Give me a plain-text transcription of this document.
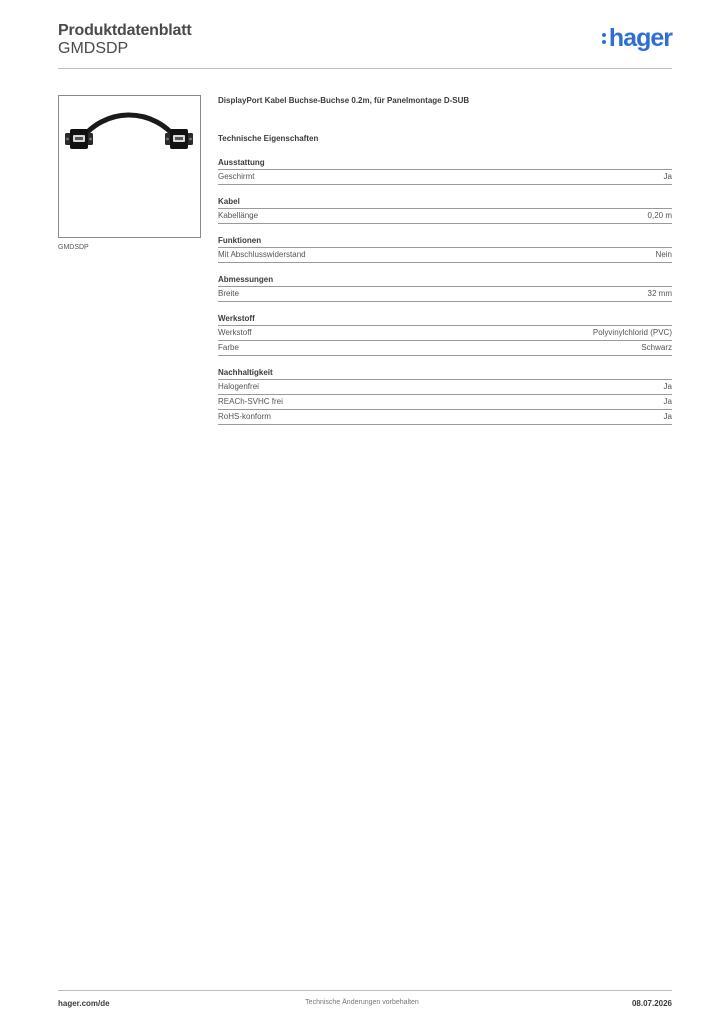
Produktdatenblatt
GMDSDP	hager
GMDSDP
DisplayPort Kabel Buchse-Buchse 0.2m, für Panelmontage D-SUB
Technische Eigenschaften
Ausstattung
Geschirmt	Ja
Kabel
Kabellänge	0,20 m
Funktionen
Mit Abschlusswiderstand	Nein
Abmessungen
Breite	32 mm
Werkstoff
Werkstoff	Polyvinylchlorid (PVC)
Farbe	Schwarz
Nachhaltigkeit
Halogenfrei	Ja
REACh-SVHC frei	Ja
RoHS-konform	Ja
hager.com/de	Technische Änderungen vorbehalten	08.07.2026
